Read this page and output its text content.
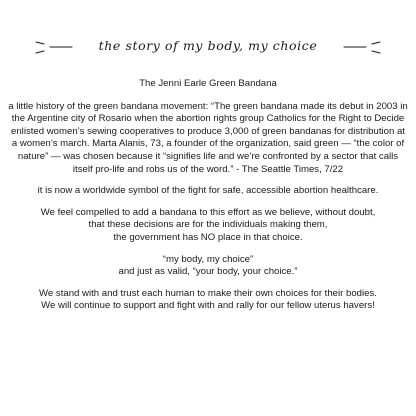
the story of my body, my choice

The Jenni Earle Green Bandana

a little history of the green bandana movement: “The green bandana made its debut in 2003 in the Argentine city of Rosario when the abortion rights group Catholics for the Right to Decide enlisted women’s sewing cooperatives to produce 3,000 of green bandanas for distribution at a women’s march. Marta Alanis, 73, a founder of the organization, said green — “the color of nature” — was chosen because it “signifies life and we’re confronted by a sector that calls itself pro-life and robs us of the word.” - The Seattle Times, 7/22

it is now a worldwide symbol of the fight for safe, accessible abortion healthcare.

We feel compelled to add a bandana to this effort as we believe, without doubt,
that these decisions are for the individuals making them,
the government has NO place in that choice.

“my body, my choice”
and just as valid, “your body, your choice.”

We stand with and trust each human to make their own choices for their bodies.
We will continue to support and fight with and rally for our fellow uterus havers!
